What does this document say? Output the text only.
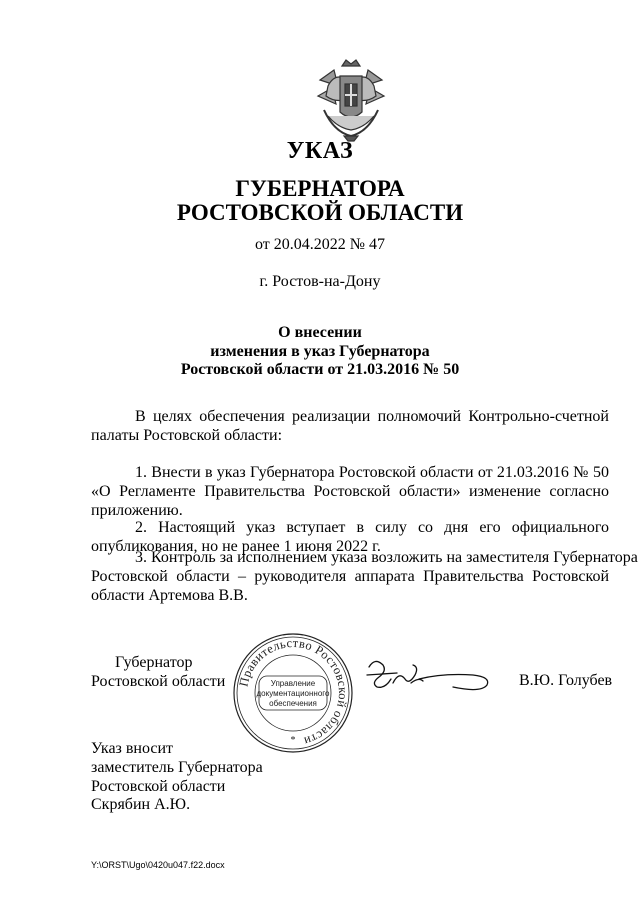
УКАЗ
ГУБЕРНАТОРА
РОСТОВСКОЙ ОБЛАСТИ
от 20.04.2022 № 47
г. Ростов-на-Дону
О внесении
изменения в указ Губернатора
Ростовской области от 21.03.2016 № 50
В целях обеспечения реализации полномочий Контрольно-счетной
палаты Ростовской области:
1. Внести в указ Губернатора Ростовской области от 21.03.2016 № 50
«О Регламенте Правительства Ростовской области» изменение согласно
приложению.
2. Настоящий указ вступает в силу со дня его официального
опубликования, но не ранее 1 июня 2022 г.
3. Контроль за исполнением указа возложить на заместителя Губернатора
Ростовской области – руководителя аппарата Правительства Ростовской
области Артемова В.В.
Губернатор
Ростовской области Правительство Ростовской области
Управление
документационного
обеспечения
*
В.Ю. Голубев
Указ вносит
заместитель Губернатора
Ростовской области
Скрябин А.Ю.
Y:\ORST\Ugo\0420u047.f22.docx
